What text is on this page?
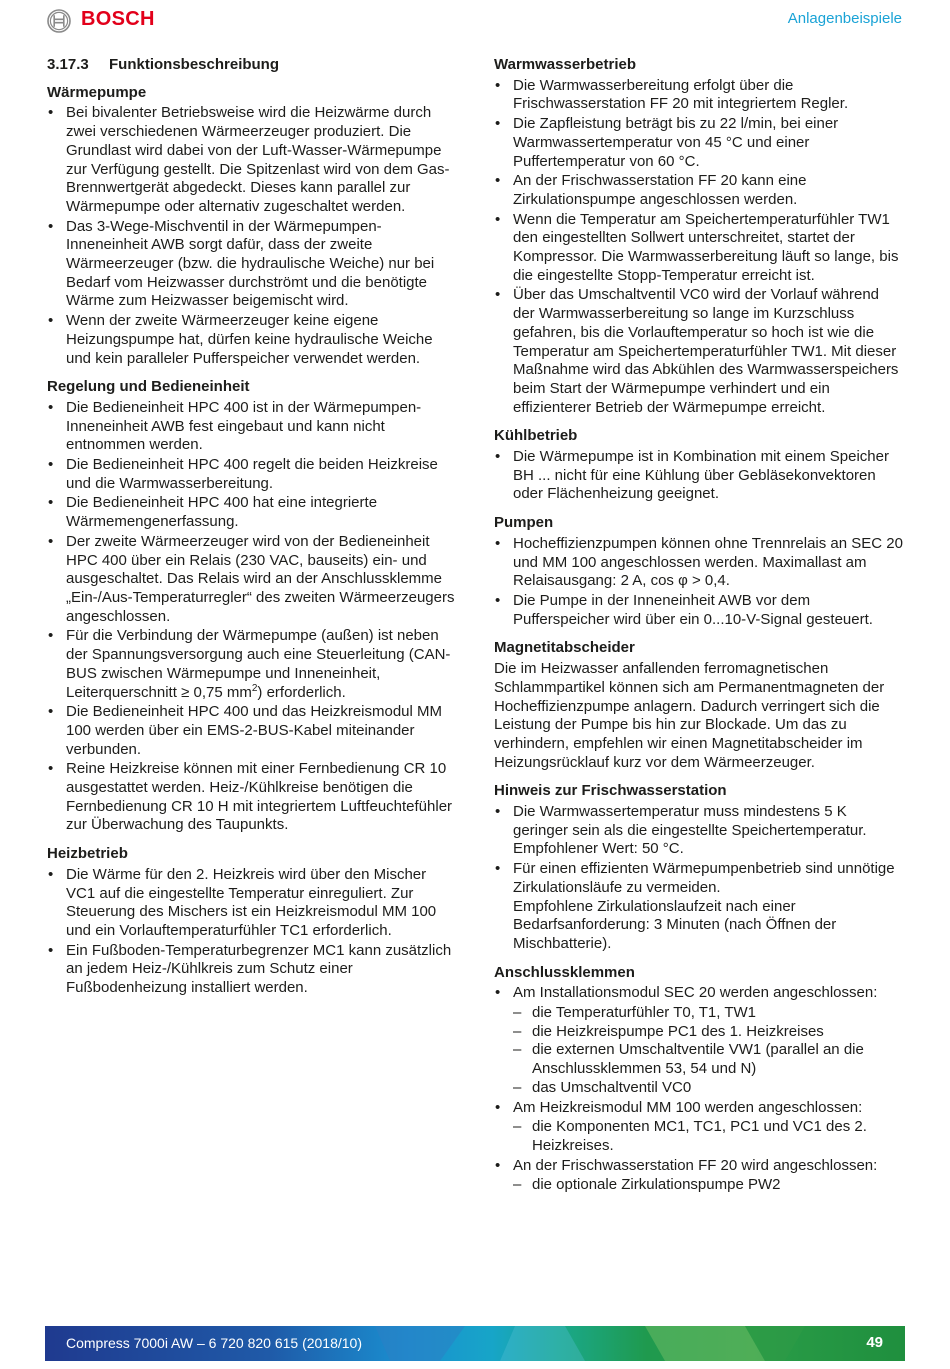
BOSCH	Anlagenbeispiele
3.17.3 Funktionsbeschreibung
Wärmepumpe
• Bei bivalenter Betriebsweise wird die Heizwärme durch zwei verschiedenen Wärmeerzeuger produziert. Die Grundlast wird dabei von der Luft-Wasser-Wärmepumpe zur Verfügung gestellt. Die Spitzenlast wird von dem Gas-Brennwertgerät abgedeckt. Dieses kann parallel zur Wärmepumpe oder alternativ zugeschaltet werden.
• Das 3-Wege-Mischventil in der Wärmepumpen-Inneneinheit AWB sorgt dafür, dass der zweite Wärmeerzeuger (bzw. die hydraulische Weiche) nur bei Bedarf vom Heizwasser durchströmt und die benötigte Wärme zum Heizwasser beigemischt wird.
• Wenn der zweite Wärmeerzeuger keine eigene Heizungspumpe hat, dürfen keine hydraulische Weiche und kein paralleler Pufferspeicher verwendet werden.
Regelung und Bedieneinheit
• Die Bedieneinheit HPC 400 ist in der Wärmepumpen-Inneneinheit AWB fest eingebaut und kann nicht entnommen werden.
• Die Bedieneinheit HPC 400 regelt die beiden Heizkreise und die Warmwasserbereitung.
• Die Bedieneinheit HPC 400 hat eine integrierte Wärmemengenerfassung.
• Der zweite Wärmeerzeuger wird von der Bedieneinheit HPC 400 über ein Relais (230 VAC, bauseits) ein- und ausgeschaltet. Das Relais wird an der Anschlussklemme „Ein-/Aus-Temperaturregler“ des zweiten Wärmeerzeugers angeschlossen.
• Für die Verbindung der Wärmepumpe (außen) ist neben der Spannungsversorgung auch eine Steuerleitung (CAN-BUS zwischen Wärmepumpe und Inneneinheit, Leiterquerschnitt ≥ 0,75 $mm^2$) erforderlich.
• Die Bedieneinheit HPC 400 und das Heizkreismodul MM 100 werden über ein EMS-2-BUS-Kabel miteinander verbunden.
• Reine Heizkreise können mit einer Fernbedienung CR 10 ausgestattet werden. Heiz-/Kühlkreise benötigen die Fernbedienung CR 10 H mit integriertem Luftfeuchtefühler zur Überwachung des Taupunkts.
Heizbetrieb
• Die Wärme für den 2. Heizkreis wird über den Mischer VC1 auf die eingestellte Temperatur einreguliert. Zur Steuerung des Mischers ist ein Heizkreismodul MM 100 und ein Vorlauftemperaturfühler TC1 erforderlich.
• Ein Fußboden-Temperaturbegrenzer MC1 kann zusätzlich an jedem Heiz-/Kühlkreis zum Schutz einer Fußbodenheizung installiert werden.
Warmwasserbetrieb
• Die Warmwasserbereitung erfolgt über die Frischwasserstation FF 20 mit integriertem Regler.
• Die Zapfleistung beträgt bis zu 22 l/min, bei einer Warmwassertemperatur von 45 °C und einer Puffertemperatur von 60 °C.
• An der Frischwasserstation FF 20 kann eine Zirkulationspumpe angeschlossen werden.
• Wenn die Temperatur am Speichertemperaturfühler TW1 den eingestellten Sollwert unterschreitet, startet der Kompressor. Die Warmwasserbereitung läuft so lange, bis die eingestellte Stopp-Temperatur erreicht ist.
• Über das Umschaltventil VC0 wird der Vorlauf während der Warmwasserbereitung so lange im Kurzschluss gefahren, bis die Vorlauftemperatur so hoch ist wie die Temperatur am Speichertemperaturfühler TW1. Mit dieser Maßnahme wird das Abkühlen des Warmwasserspeichers beim Start der Wärmepumpe verhindert und ein effizienterer Betrieb der Wärmepumpe erreicht.
Kühlbetrieb
• Die Wärmepumpe ist in Kombination mit einem Speicher BH ... nicht für eine Kühlung über Gebläsekonvektoren oder Flächenheizung geeignet.
Pumpen
• Hocheffizienzpumpen können ohne Trennrelais an SEC 20 und MM 100 angeschlossen werden. Maximallast am Relaisausgang: 2 A, cos φ > 0,4.
• Die Pumpe in der Inneneinheit AWB vor dem Pufferspeicher wird über ein 0...10-V-Signal gesteuert.
Magnetitabscheider

Die im Heizwasser anfallenden ferromagnetischen Schlammpartikel können sich am Permanentmagneten der Hocheffizienzpumpe anlagern. Dadurch verringert sich die Leistung der Pumpe bis hin zur Blockade. Um das zu verhindern, empfehlen wir einen Magnetitabscheider im Heizungsrücklauf kurz vor dem Wärmeerzeuger.

Hinweis zur Frischwasserstation
• Die Warmwassertemperatur muss mindestens 5 K geringer sein als die eingestellte Speichertemperatur.
Empfohlener Wert: 50 °C.
• Für einen effizienten Wärmepumpenbetrieb sind unnötige Zirkulationsläufe zu vermeiden.
Empfohlene Zirkulationslaufzeit nach einer Bedarfsanforderung: 3 Minuten (nach Öffnen der Mischbatterie).
Anschlussklemmen
• Am Installationsmodul SEC 20 werden angeschlossen:
– die Temperaturfühler T0, T1, TW1
– die Heizkreispumpe PC1 des 1. Heizkreises
– die externen Umschaltventile VW1 (parallel an die Anschlussklemmen 53, 54 und N)
– das Umschaltventil VC0
• Am Heizkreismodul MM 100 werden angeschlossen:
– die Komponenten MC1, TC1, PC1 und VC1 des 2. Heizkreises.
• An der Frischwasserstation FF 20 wird angeschlossen:
– die optionale Zirkulationspumpe PW2
Compress 7000i AW – 6 720 820 615 (2018/10)	49
